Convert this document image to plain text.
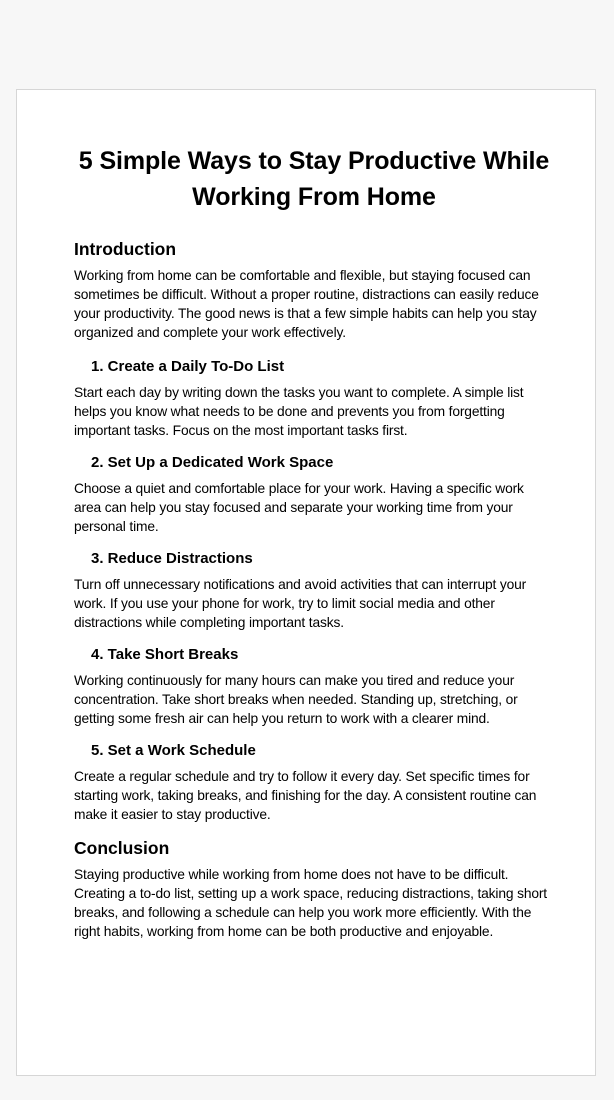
5 Simple Ways to Stay Productive While Working From Home
Introduction

Working from home can be comfortable and flexible, but staying focused can sometimes be difficult. Without a proper routine, distractions can easily reduce your productivity. The good news is that a few simple habits can help you stay organized and complete your work effectively.

1. Create a Daily To-Do List

Start each day by writing down the tasks you want to complete. A simple list helps you know what needs to be done and prevents you from forgetting important tasks. Focus on the most important tasks first.

2. Set Up a Dedicated Work Space

Choose a quiet and comfortable place for your work. Having a specific work area can help you stay focused and separate your working time from your personal time.

3. Reduce Distractions

Turn off unnecessary notifications and avoid activities that can interrupt your work. If you use your phone for work, try to limit social media and other distractions while completing important tasks.

4. Take Short Breaks

Working continuously for many hours can make you tired and reduce your concentration. Take short breaks when needed. Standing up, stretching, or getting some fresh air can help you return to work with a clearer mind.

5. Set a Work Schedule

Create a regular schedule and try to follow it every day. Set specific times for starting work, taking breaks, and finishing for the day. A consistent routine can make it easier to stay productive.

Conclusion

Staying productive while working from home does not have to be difficult. Creating a to-do list, setting up a work space, reducing distractions, taking short breaks, and following a schedule can help you work more efficiently. With the right habits, working from home can be both productive and enjoyable.
